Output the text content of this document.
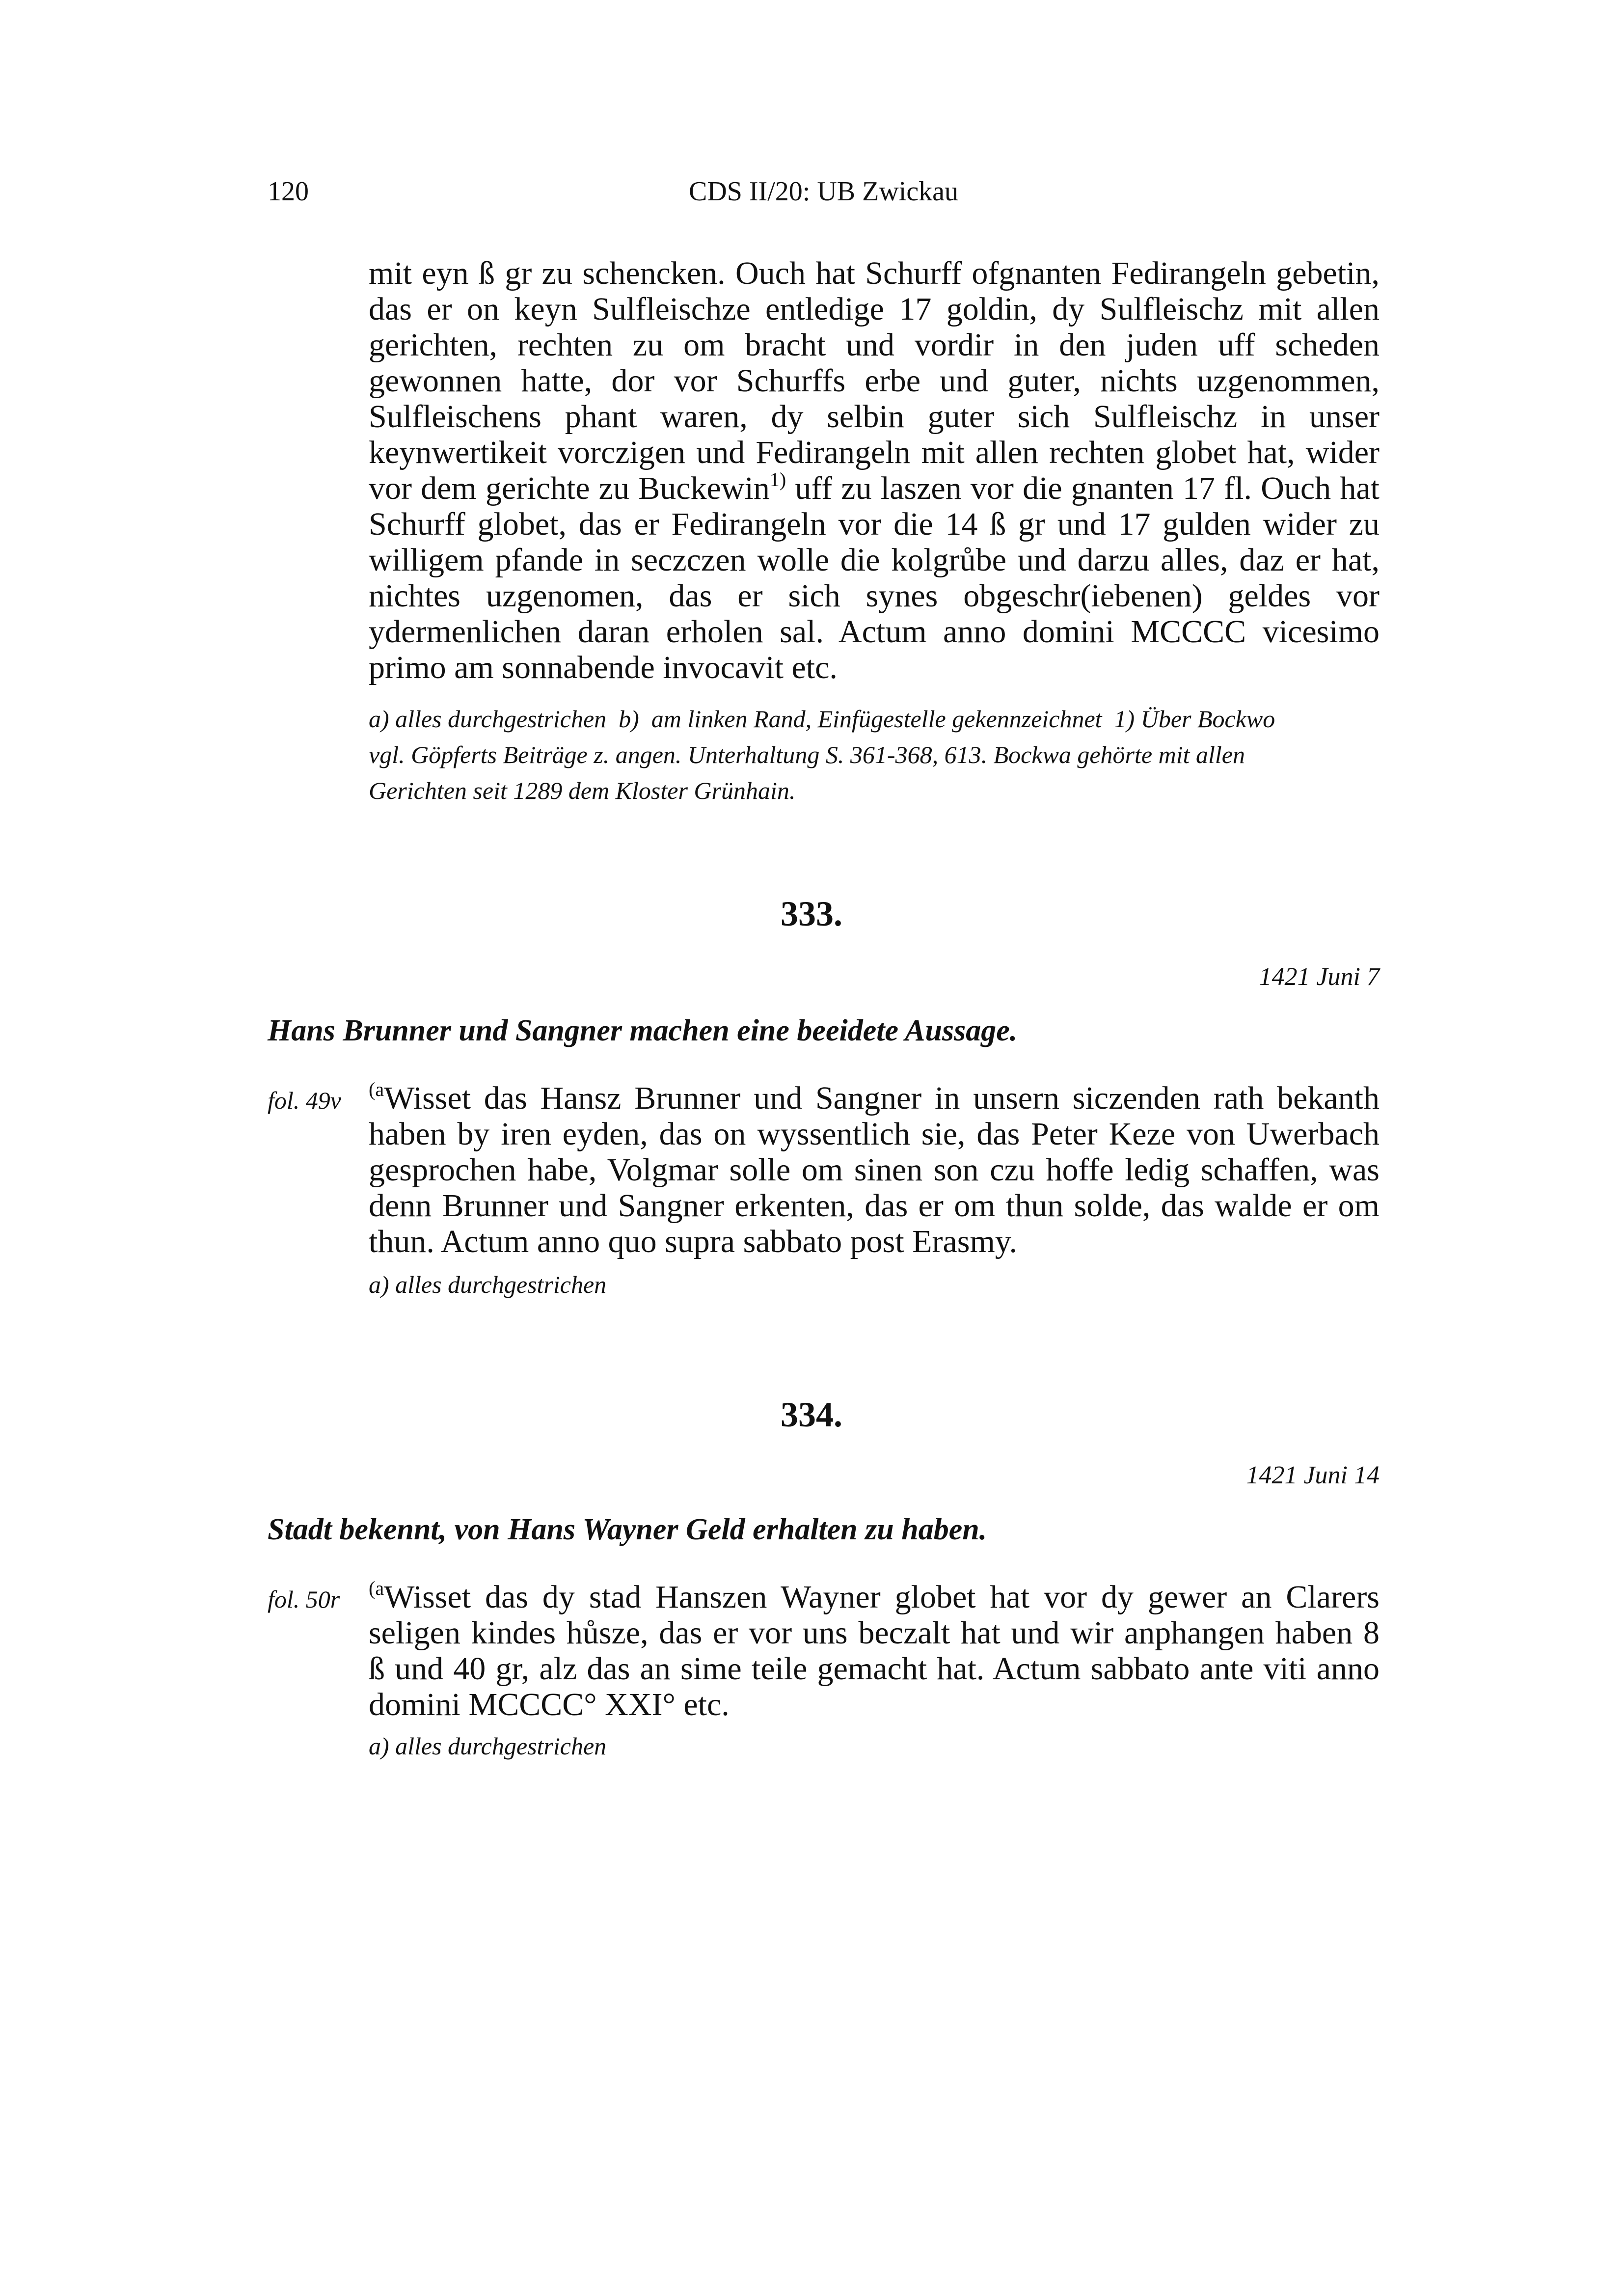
120	CDS II/20: UB Zwickau

mit eyn ß gr zu schencken. Ouch hat Schurff ofgnanten Fedirangeln gebetin,

das er on keyn Sulfleischze entledige 17 goldin, dy Sulfleischz mit allen

gerichten, rechten zu om bracht und vordir in den juden uff scheden

gewonnen hatte, dor vor Schurffs erbe und guter, nichts uzgenommen,

Sulfleischens phant waren, dy selbin guter sich Sulfleischz in unser

keynwertikeit vorczigen und Fedirangeln mit allen rechten globet hat, wider

vor dem gerichte zu Buckewin$^{1)}$ uff zu laszen vor die gnanten 17 fl. Ouch hat

Schurff globet, das er Fedirangeln vor die 14 ß gr und 17 gulden wider zu

willigem pfande in seczczen wolle die kolgrůbe und darzu alles, daz er hat,

nichtes uzgenomen, das er sich synes obgeschr(iebenen) geldes vor

ydermenlichen daran erholen sal. Actum anno domini MCCCC vicesimo

primo am sonnabende invocavit etc.

a) alles durchgestrichen  b)  am linken Rand, Einfügestelle gekennzeichnet  1) Über Bockwo
vgl. Göpferts Beiträge z. angen. Unterhaltung S. 361-368, 613. Bockwa gehörte mit allen
Gerichten seit 1289 dem Kloster Grünhain.
333.
1421 Juni 7
Hans Brunner und Sangner machen eine beeidete Aussage.
fol. 49v $^{(a}$Wisset das Hansz Brunner und Sangner in unsern siczenden rath bekanth

haben by iren eyden, das on wyssentlich sie, das Peter Keze von Uwerbach

gesprochen habe, Volgmar solle om sinen son czu hoffe ledig schaffen, was

denn Brunner und Sangner erkenten, das er om thun solde, das walde er om

thun. Actum anno quo supra sabbato post Erasmy.

a) alles durchgestrichen
334.
1421 Juni 14
Stadt bekennt, von Hans Wayner Geld erhalten zu haben.
fol. 50r $^{(a}$Wisset das dy stad Hanszen Wayner globet hat vor dy gewer an Clarers

seligen kindes hůsze, das er vor uns beczalt hat und wir anphangen haben 8

ß und 40 gr, alz das an sime teile gemacht hat. Actum sabbato ante viti anno

domini MCCCC° XXI° etc.

a) alles durchgestrichen
